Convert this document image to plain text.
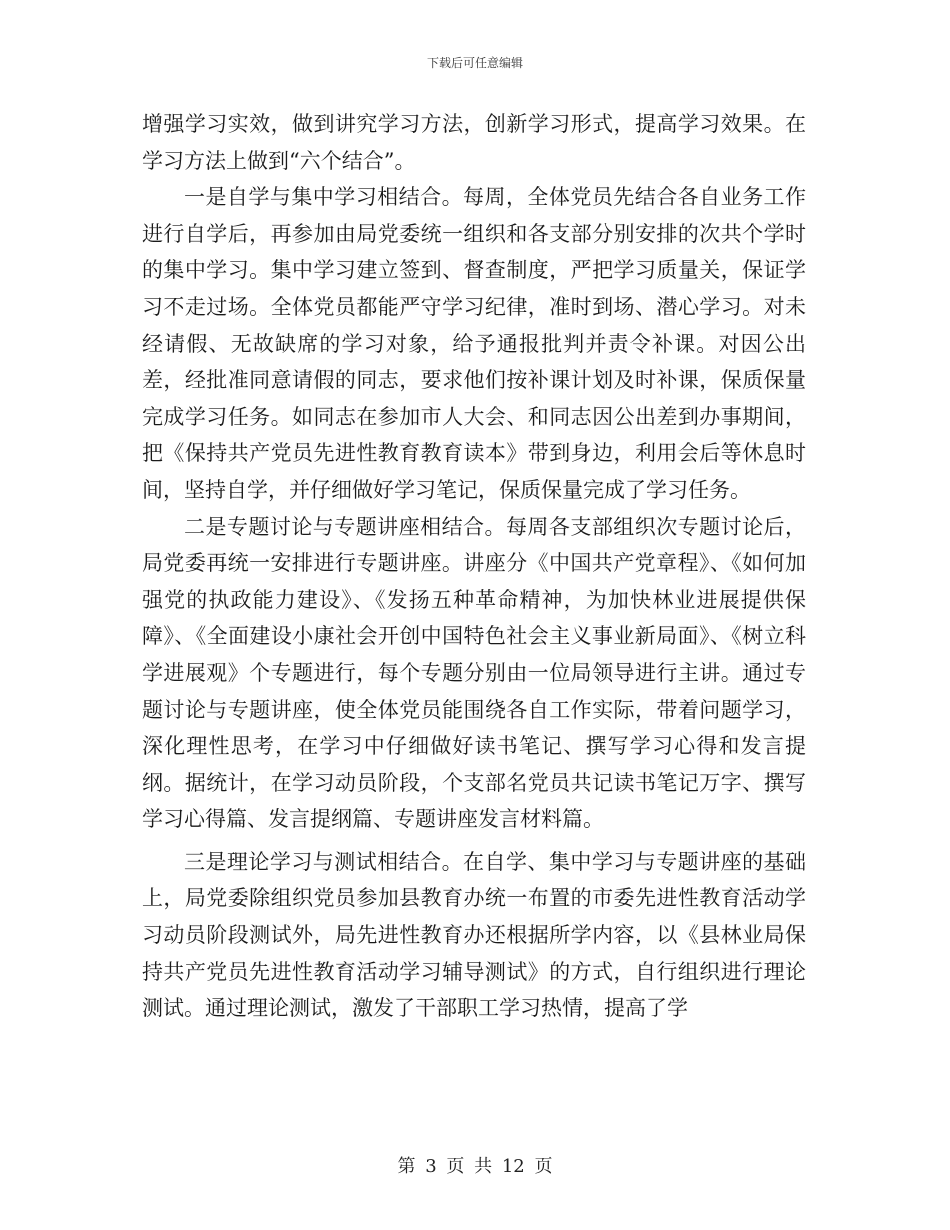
下载后可任意编辑

增强学习实效，做到讲究学习方法，创新学习形式，提高学习效果。在学习方法上做到“六个结合”。

一是自学与集中学习相结合。每周，全体党员先结合各自业务工作进行自学后，再参加由局党委统一组织和各支部分别安排的次共个学时的集中学习。集中学习建立签到、督查制度，严把学习质量关，保证学习不走过场。全体党员都能严守学习纪律，准时到场、潜心学习。对未经请假、无故缺席的学习对象，给予通报批判并责令补课。对因公出差，经批准同意请假的同志，要求他们按补课计划及时补课，保质保量完成学习任务。如同志在参加市人大会、和同志因公出差到办事期间，把《保持共产党员先进性教育教育读本》带到身边，利用会后等休息时间，坚持自学，并仔细做好学习笔记，保质保量完成了学习任务。

二是专题讨论与专题讲座相结合。每周各支部组织次专题讨论后，局党委再统一安排进行专题讲座。讲座分《中国共产党章程》、《如何加强党的执政能力建设》、《发扬五种革命精神，为加快林业进展提供保障》、《全面建设小康社会开创中国特色社会主义事业新局面》、《树立科学进展观》个专题进行，每个专题分别由一位局领导进行主讲。通过专题讨论与专题讲座，使全体党员能围绕各自工作实际，带着问题学习，深化理性思考，在学习中仔细做好读书笔记、撰写学习心得和发言提纲。据统计，在学习动员阶段，个支部名党员共记读书笔记万字、撰写学习心得篇、发言提纲篇、专题讲座发言材料篇。

三是理论学习与测试相结合。在自学、集中学习与专题讲座的基础上，局党委除组织党员参加县教育办统一布置的市委先进性教育活动学习动员阶段测试外，局先进性教育办还根据所学内容，以《县林业局保持共产党员先进性教育活动学习辅导测试》的方式，自行组织进行理论测试。通过理论测试，激发了干部职工学习热情，提高了学

第 3 页 共 12 页
